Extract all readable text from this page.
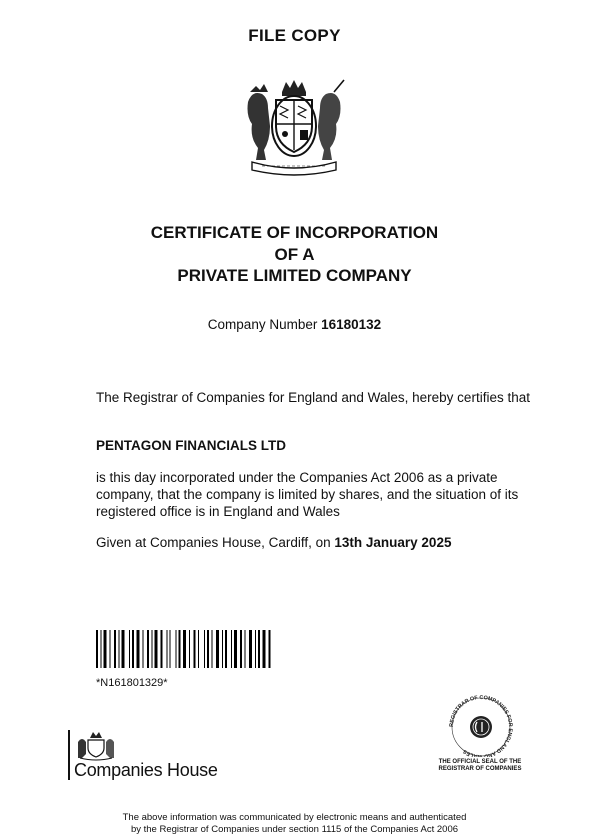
FILE COPY
CERTIFICATE OF INCORPORATION
OF A
PRIVATE LIMITED COMPANY
Company Number 16180132
The Registrar of Companies for England and Wales, hereby certifies that
PENTAGON FINANCIALS LTD
is this day incorporated under the Companies Act 2006 as a private company, that the company is limited by shares, and the situation of its registered office is in England and Wales
Given at Companies House, Cardiff, on 13th January 2025
*N161801329*
Companies House
REGISTRAR OF COMPANIES FOR ENGLAND AND WALES
THE OFFICIAL SEAL OF THE
REGISTRAR OF COMPANIES
The above information was communicated by electronic means and authenticated
by the Registrar of Companies under section 1115 of the Companies Act 2006
